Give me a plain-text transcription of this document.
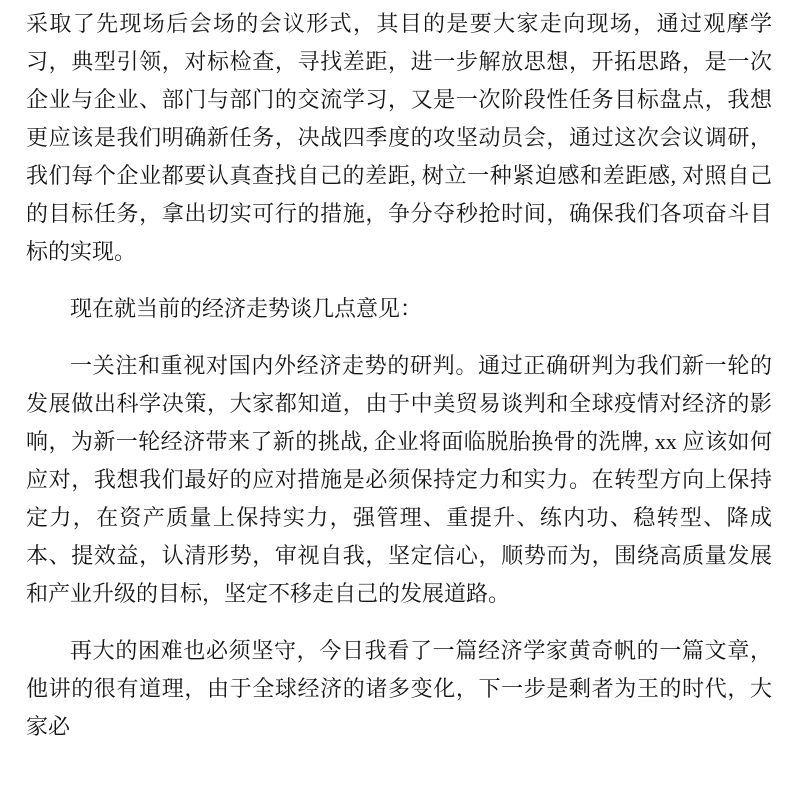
采取了先现场后会场的会议形式，其目的是要大家走向现场，通过观摩学习，典型引领，对标检查，寻找差距，进一步解放思想，开拓思路，是一次企业与企业、部门与部门的交流学习，又是一次阶段性任务目标盘点，我想更应该是我们明确新任务，决战四季度的攻坚动员会，通过这次会议调研，我们每个企业都要认真查找自己的差距, 树立一种紧迫感和差距感, 对照自己的目标任务，拿出切实可行的措施，争分夺秒抢时间，确保我们各项奋斗目标的实现。

现在就当前的经济走势谈几点意见：

一关注和重视对国内外经济走势的研判。通过正确研判为我们新一轮的发展做出科学决策，大家都知道，由于中美贸易谈判和全球疫情对经济的影响，为新一轮经济带来了新的挑战, 企业将面临脱胎换骨的洗牌, xx 应该如何应对，我想我们最好的应对措施是必须保持定力和实力。在转型方向上保持定力，在资产质量上保持实力，强管理、重提升、练内功、稳转型、降成本、提效益，认清形势，审视自我，坚定信心，顺势而为，围绕高质量发展和产业升级的目标，坚定不移走自己的发展道路。

再大的困难也必须坚守，今日我看了一篇经济学家黄奇帆的一篇文章，他讲的很有道理，由于全球经济的诸多变化，下一步是剩者为王的时代，大家必
